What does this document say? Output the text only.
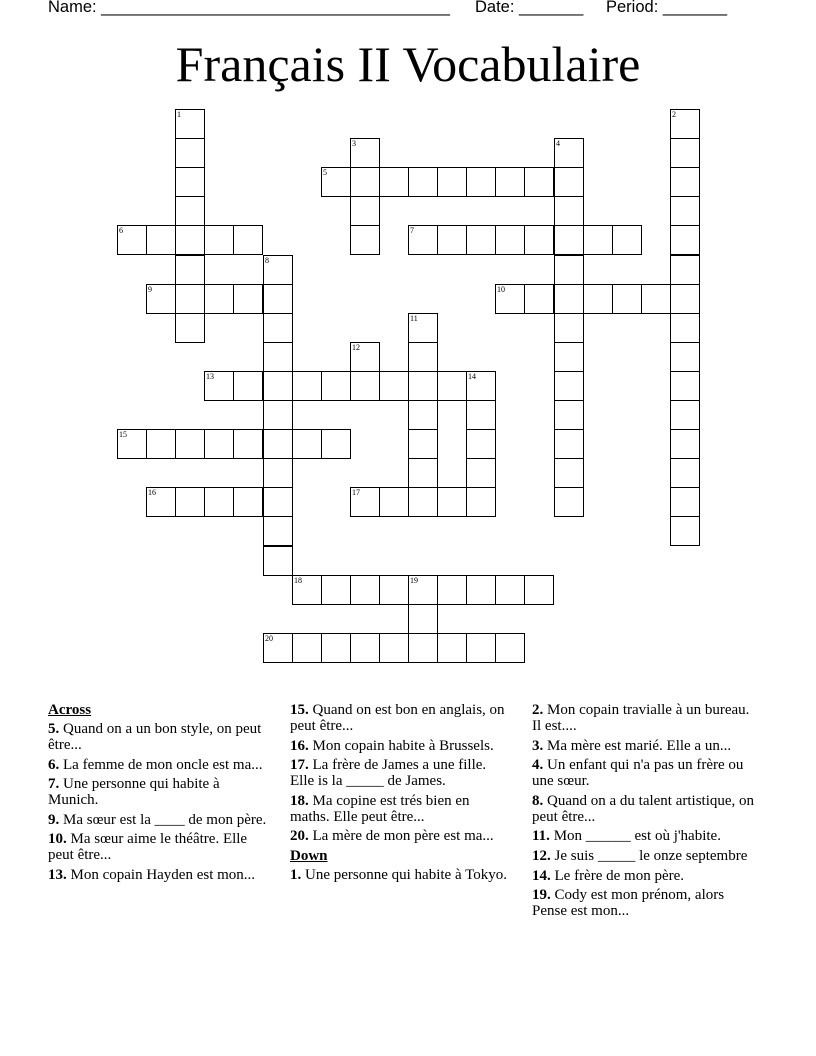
Name: ______________________________________ Date: _______ Period: _______
Français II Vocabulaire
1	2
3	4
5
6	7
8
9	10
11
12
13	14
15
16	17
18	19
20
Across
5. Quand on a un bon style, on peut être...
6. La femme de mon oncle est ma...
7. Une personne qui habite à Munich.
9. Ma sœur est la ____ de mon père.
10. Ma sœur aime le théâtre. Elle peut être...
13. Mon copain Hayden est mon...
15. Quand on est bon en anglais, on peut être...
16. Mon copain habite à Brussels.
17. La frère de James a une fille. Elle is la _____ de James.
18. Ma copine est trés bien en maths. Elle peut être...
20. La mère de mon père est ma...
Down
1. Une personne qui habite à Tokyo.
2. Mon copain travialle à un bureau. Il est....
3. Ma mère est marié. Elle a un...
4. Un enfant qui n'a pas un frère ou une sœur.
8. Quand on a du talent artistique, on peut être...
11. Mon ______ est où j'habite.
12. Je suis _____ le onze septembre
14. Le frère de mon père.
19. Cody est mon prénom, alors Pense est mon...
